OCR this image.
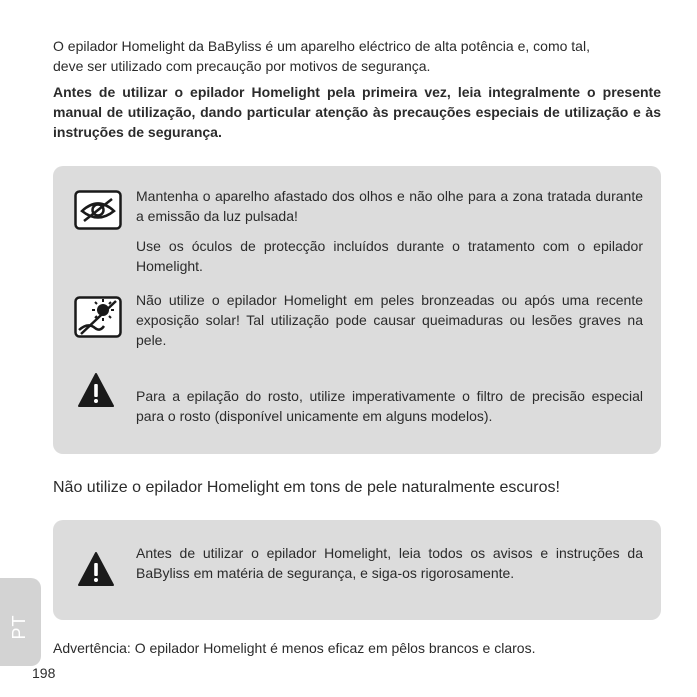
O epilador Homelight da BaByliss é um aparelho eléctrico de alta potência e, como tal,

deve ser utilizado com precaução por motivos de segurança.

Antes de utilizar o epilador Homelight pela primeira vez, leia integralmente o presente manual de utilização, dando particular atenção às precauções especiais de utilização e às instruções de segurança.

Mantenha o aparelho afastado dos olhos e não olhe para a zona tratada durante a emissão da luz pulsada!

Use os óculos de protecção incluídos durante o tratamento com o epilador Homelight.

Não utilize o epilador Homelight em peles bronzeadas ou após uma recente exposição solar! Tal utilização pode causar queimaduras ou lesões graves na pele.

Para a epilação do rosto, utilize imperativamente o filtro de precisão especial para o rosto (disponível unicamente em alguns modelos).

Não utilize o epilador Homelight em tons de pele naturalmente escuros!

Antes de utilizar o epilador Homelight, leia todos os avisos e instruções da BaByliss em matéria de segurança, e siga-os rigorosamente.

Advertência: O epilador Homelight é menos eficaz em pêlos brancos e claros.
PT
198
